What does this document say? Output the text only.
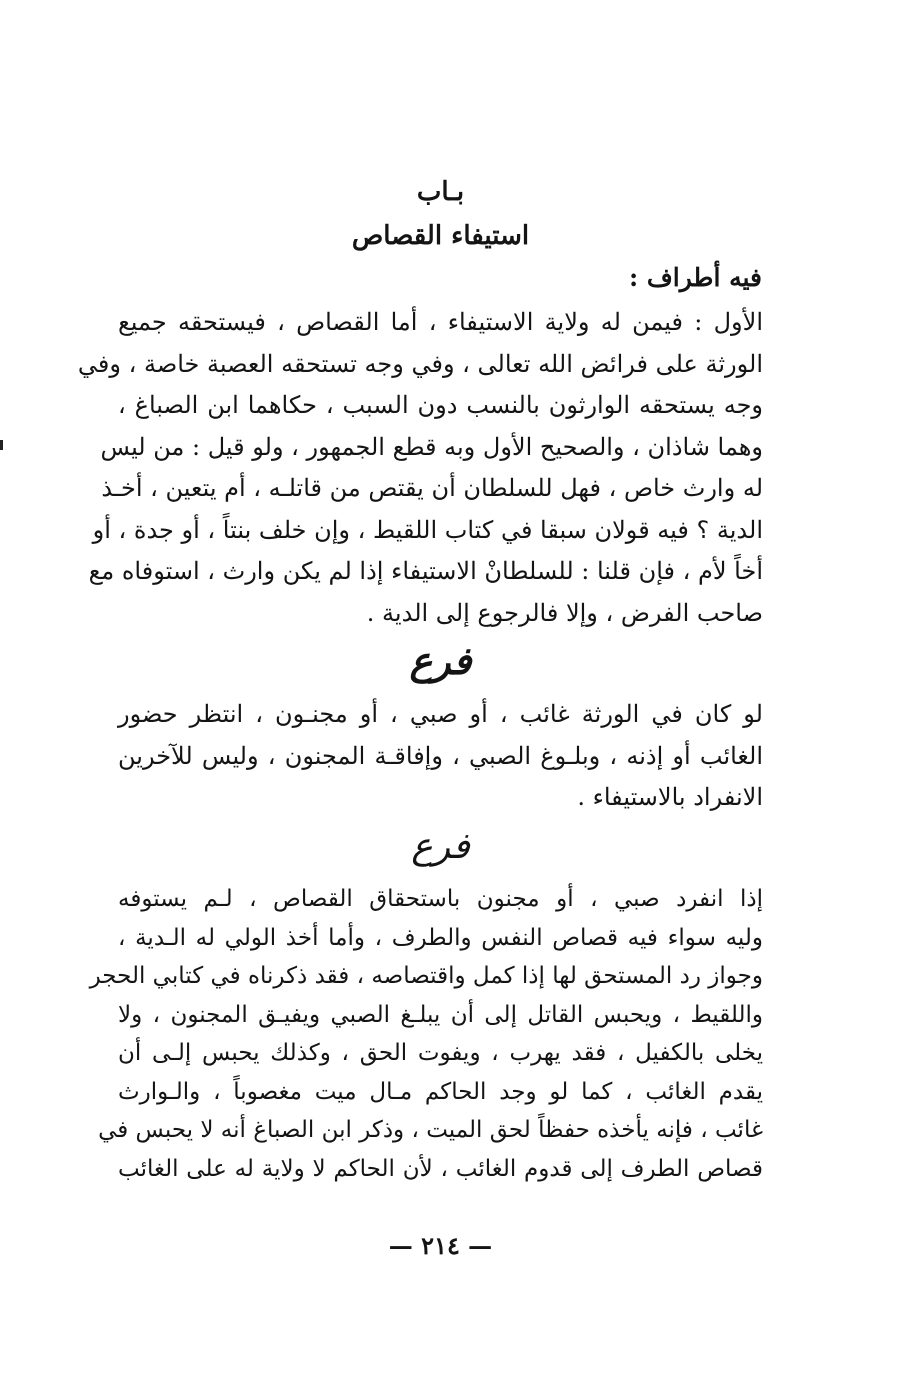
بـاب
استيفاء القصاص
فيه أطراف :
الأول : فيمن له ولاية الاستيفاء ، أما القصاص ، فيستحقه جميع
الورثة على فرائض الله تعالى ، وفي وجه تستحقه العصبة خاصة ، وفي
وجه يستحقه الوارثون بالنسب دون السبب ، حكاهما ابن الصباغ ،
وهما شاذان ، والصحيح الأول وبه قطع الجمهور ، ولو قيل : من ليس
له وارث خاص ، فهل للسلطان أن يقتص من قاتلـه ، أم يتعين ، أخـذ
الدية ؟ فيه قولان سبقا في كتاب اللقيط ، وإن خلف بنتاً ، أو جدة ، أو
أخاً لأم ، فإن قلنا : للسلطانْ الاستيفاء إذا لم يكن وارث ، استوفاه مع
صاحب الفرض ، وإلا فالرجوع إلى الدية .
فرع
لو كان في الورثة غائب ، أو صبي ، أو مجنـون ، انتظر حضور
الغائب أو إذنه ، وبلـوغ الصبي ، وإفاقـة المجنون ، وليس للآخرين
الانفراد بالاستيفاء .
فرع
إذا انفرد صبي ، أو مجنون باستحقاق القصاص ، لـم يستوفه
وليه سواء فيه قصاص النفس والطرف ، وأما أخذ الولي له الـدية ،
وجواز رد المستحق لها إذا كمل واقتصاصه ، فقد ذكرناه في كتابي الحجر
واللقيط ، ويحبس القاتل إلى أن يبلـغ الصبي ويفيـق المجنون ، ولا
يخلى بالكفيل ، فقد يهرب ، ويفوت الحق ، وكذلك يحبس إلـى أن
يقدم الغائب ، كما لو وجد الحاكم مـال ميت مغصوباً ، والـوارث
غائب ، فإنه يأخذه حفظاً لحق الميت ، وذكر ابن الصباغ أنه لا يحبس في
قصاص الطرف إلى قدوم الغائب ، لأن الحاكم لا ولاية له على الغائب
— ٢١٤ —
